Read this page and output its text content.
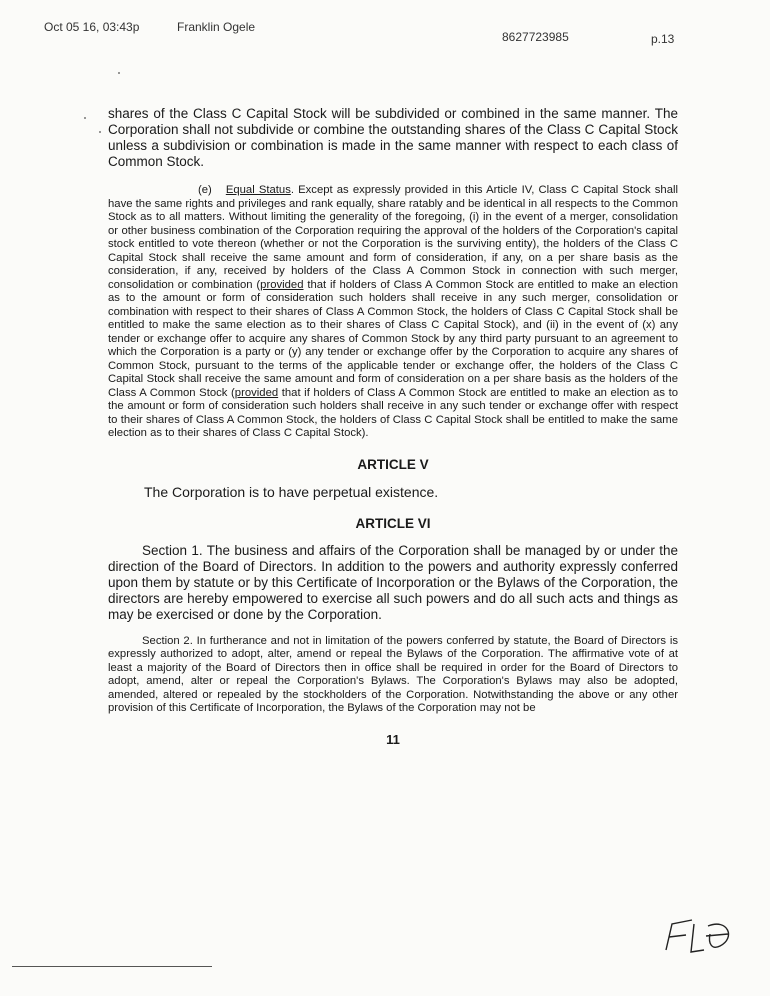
Oct 05 16, 03:43p	Franklin Ogele
8627723985	p.13

shares of the Class C Capital Stock will be subdivided or combined in the same manner. The Corporation shall not subdivide or combine the outstanding shares of the Class C Capital Stock unless a subdivision or combination is made in the same manner with respect to each class of Common Stock.

(e) Equal Status. Except as expressly provided in this Article IV, Class C Capital Stock shall have the same rights and privileges and rank equally, share ratably and be identical in all respects to the Common Stock as to all matters. Without limiting the generality of the foregoing, (i) in the event of a merger, consolidation or other business combination of the Corporation requiring the approval of the holders of the Corporation's capital stock entitled to vote thereon (whether or not the Corporation is the surviving entity), the holders of the Class C Capital Stock shall receive the same amount and form of consideration, if any, on a per share basis as the consideration, if any, received by holders of the Class A Common Stock in connection with such merger, consolidation or combination (provided that if holders of Class A Common Stock are entitled to make an election as to the amount or form of consideration such holders shall receive in any such merger, consolidation or combination with respect to their shares of Class A Common Stock, the holders of Class C Capital Stock shall be entitled to make the same election as to their shares of Class C Capital Stock), and (ii) in the event of (x) any tender or exchange offer to acquire any shares of Common Stock by any third party pursuant to an agreement to which the Corporation is a party or (y) any tender or exchange offer by the Corporation to acquire any shares of Common Stock, pursuant to the terms of the applicable tender or exchange offer, the holders of the Class C Capital Stock shall receive the same amount and form of consideration on a per share basis as the holders of the Class A Common Stock (provided that if holders of Class A Common Stock are entitled to make an election as to the amount or form of consideration such holders shall receive in any such tender or exchange offer with respect to their shares of Class A Common Stock, the holders of Class C Capital Stock shall be entitled to make the same election as to their shares of Class C Capital Stock).

ARTICLE V

The Corporation is to have perpetual existence.

ARTICLE VI

Section 1. The business and affairs of the Corporation shall be managed by or under the direction of the Board of Directors. In addition to the powers and authority expressly conferred upon them by statute or by this Certificate of Incorporation or the Bylaws of the Corporation, the directors are hereby empowered to exercise all such powers and do all such acts and things as may be exercised or done by the Corporation.

Section 2. In furtherance and not in limitation of the powers conferred by statute, the Board of Directors is expressly authorized to adopt, alter, amend or repeal the Bylaws of the Corporation. The affirmative vote of at least a majority of the Board of Directors then in office shall be required in order for the Board of Directors to adopt, amend, alter or repeal the Corporation's Bylaws. The Corporation's Bylaws may also be adopted, amended, altered or repealed by the stockholders of the Corporation. Notwithstanding the above or any other provision of this Certificate of Incorporation, the Bylaws of the Corporation may not be

11
